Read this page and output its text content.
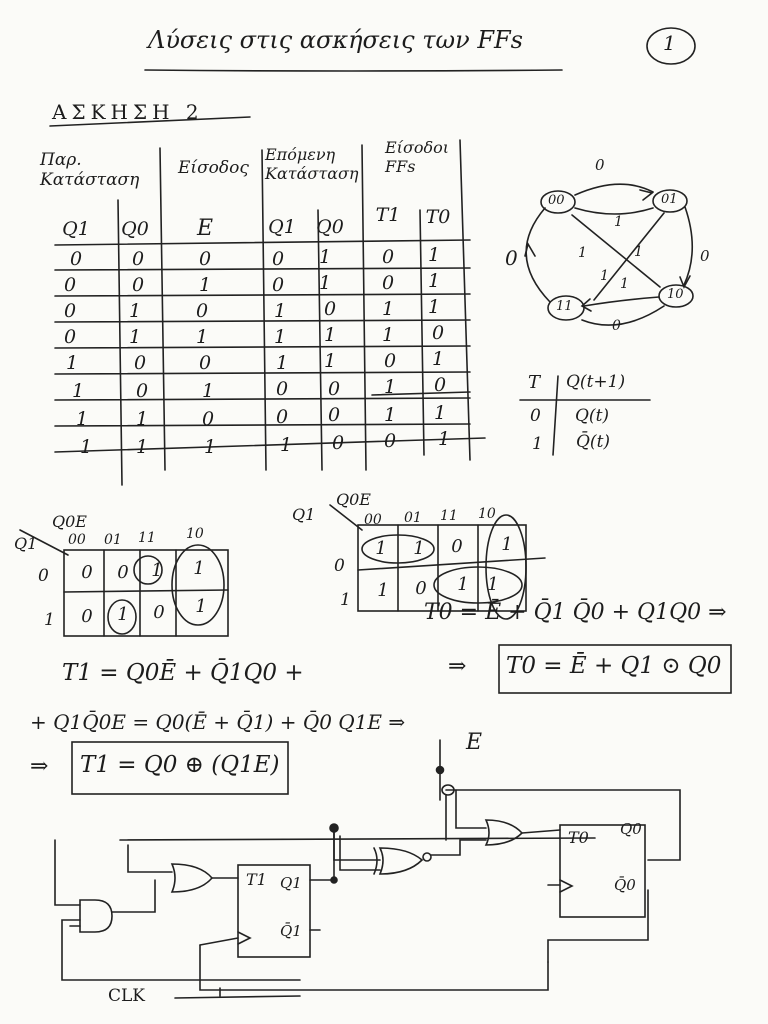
Λύσεις στις ασκήσεις των FFs	1
ΑΣΚΗΣΗ 2
Παρ. Κατάσταση
Είσοδος
Επόμενη Κατάσταση
Είσοδοι FFs
Q1	Q0	E	Q1	Q0
T1	T0
0	0	0	0	1	0	1
0	0	1	0	1	0	1
0	1	0	1	0	1	1
0	1	1	1	1	1	0
1	0	0	1	1	0	1
1	0	1	0	0	1	0
1	1	0	0	0	1	1
1	1	1	1	0	0	1
00	01
11
10
0
1
1	1	0
1
1
0
0
T Q(t+1)
0 Q(t)
1 Q̄(t)
Q1
Q0E
00 01 11 10
0
1
0	0	1	1
0	1	0	1
Q1
Q0E
00 01 11 10
0
1
1	1	0	1
1	0	1	1
T0 = Ē + Q̄1 Q̄0 + Q1Q0 ⇒
⇒ T0 = Ē + Q1 ⊙ Q0
T1 = Q0Ē + Q̄1Q0 +
+ Q1Q̄0E = Q0(Ē + Q̄1) + Q̄0 Q1E ⇒
⇒ T1 = Q0 ⊕ (Q1E)
E
CLK
T1 Q1
Q̄1
T0 Q0
Q̄0
